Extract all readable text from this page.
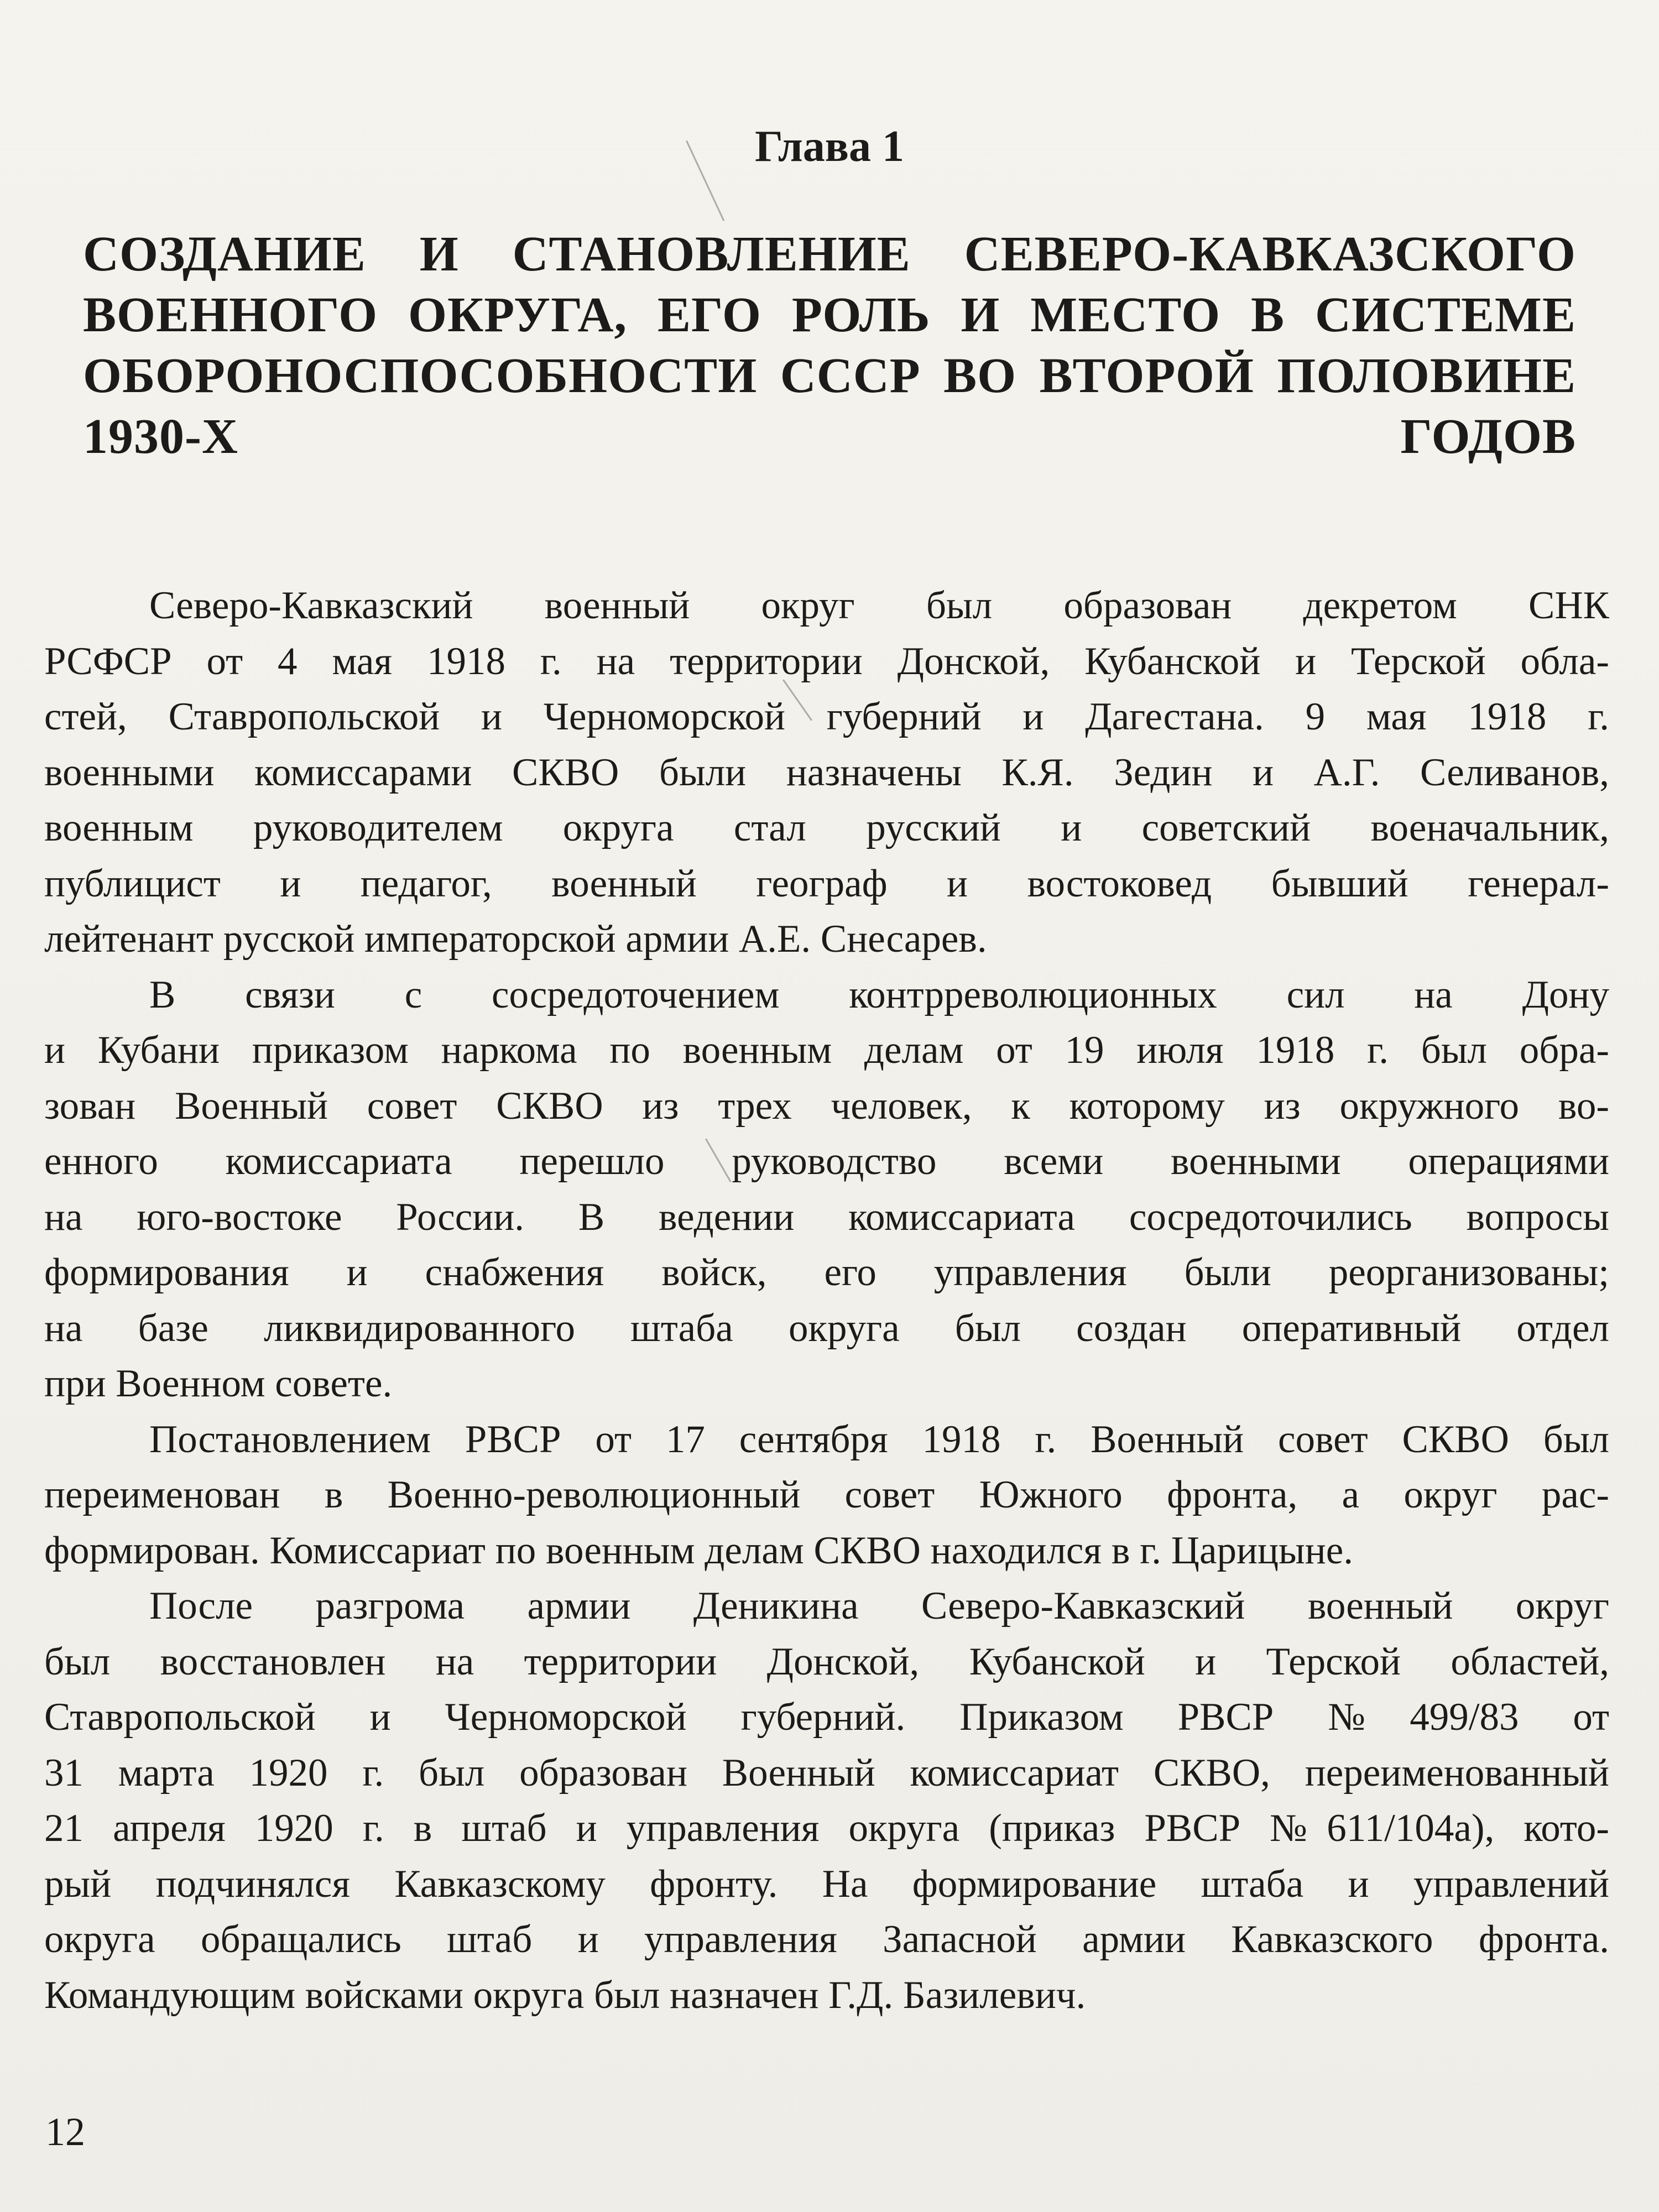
Глава 1
СОЗДАНИЕ И СТАНОВЛЕНИЕ СЕВЕРО-КАВКАЗСКОГО
ВОЕННОГО ОКРУГА, ЕГО РОЛЬ И МЕСТО В СИСТЕМЕ
ОБОРОНОСПОСОБНОСТИ СССР ВО ВТОРОЙ ПОЛОВИНЕ
1930-Х ГОДОВ
Северо-Кавказский военный округ был образован декретом СНК
РСФСР от 4 мая 1918 г. на территории Донской, Кубанской и Терской обла-
стей, Ставропольской и Черноморской губерний и Дагестана. 9 мая 1918 г.
военными комиссарами СКВО были назначены К.Я. Зедин и А.Г. Селиванов,
военным руководителем округа стал русский и советский военачальник,
публицист и педагог, военный географ и востоковед бывший генерал-
лейтенант русской императорской армии А.Е. Снесарев.
В связи с сосредоточением контрреволюционных сил на Дону
и Кубани приказом наркома по военным делам от 19 июля 1918 г. был обра-
зован Военный совет СКВО из трех человек, к которому из окружного во-
енного комиссариата перешло руководство всеми военными операциями
на юго-востоке России. В ведении комиссариата сосредоточились вопросы
формирования и снабжения войск, его управления были реорганизованы;
на базе ликвидированного штаба округа был создан оперативный отдел
при Военном совете.
Постановлением РВСР от 17 сентября 1918 г. Военный совет СКВО был
переименован в Военно-революционный совет Южного фронта, а округ рас-
формирован. Комиссариат по военным делам СКВО находился в г. Царицыне.
После разгрома армии Деникина Северо-Кавказский военный округ
был восстановлен на территории Донской, Кубанской и Терской областей,
Ставропольской и Черноморской губерний. Приказом РВСР №499/83 от
31 марта 1920 г. был образован Военный комиссариат СКВО, переименованный
21 апреля 1920 г. в штаб и управления округа (приказ РВСР №611/104а), кото-
рый подчинялся Кавказскому фронту. На формирование штаба и управлений
округа обращались штаб и управления Запасной армии Кавказского фронта.
Командующим войсками округа был назначен Г.Д. Базилевич.
12
